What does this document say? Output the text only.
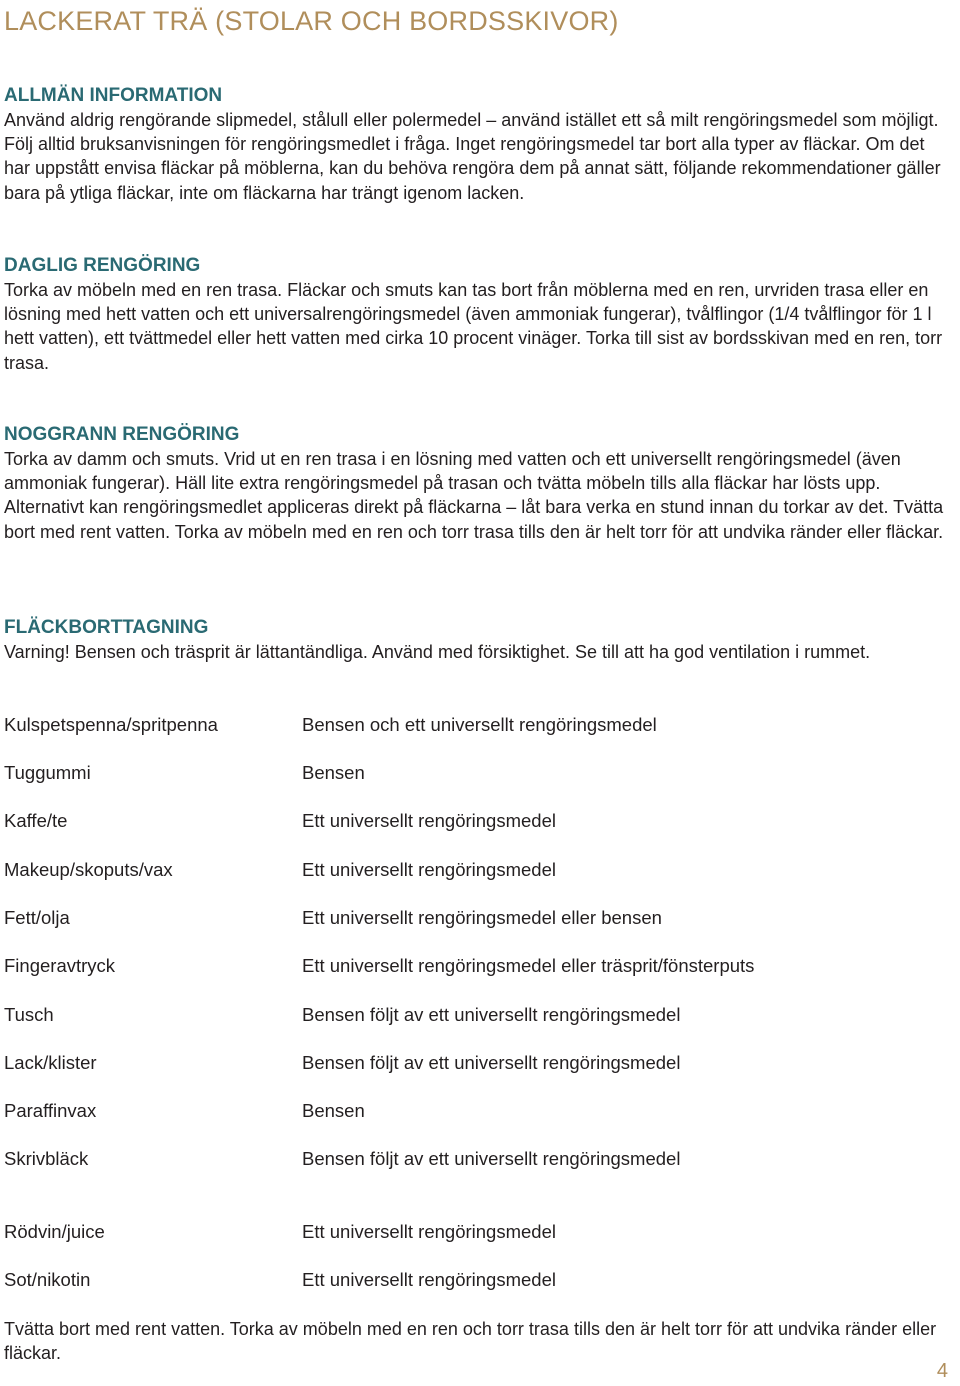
LACKERAT TRÄ (STOLAR OCH BORDSSKIVOR)
ALLMÄN INFORMATION

Använd aldrig rengörande slipmedel, stålull eller polermedel – använd istället ett så milt rengöringsmedel som möjligt. Följ alltid bruksanvisningen för rengöringsmedlet i fråga. Inget rengöringsmedel tar bort alla typer av fläckar. Om det har uppstått envisa fläckar på möblerna, kan du behöva rengöra dem på annat sätt, följande rekommendationer gäller bara på ytliga fläckar, inte om fläckarna har trängt igenom lacken.

DAGLIG RENGÖRING

Torka av möbeln med en ren trasa. Fläckar och smuts kan tas bort från möblerna med en ren, urvriden trasa eller en lösning med hett vatten och ett universalrengöringsmedel (även ammoniak fungerar), tvålflingor (1/4 tvålflingor för 1 l hett vatten), ett tvättmedel eller hett vatten med cirka 10 procent vinäger. Torka till sist av bordsskivan med en ren, torr trasa.

NOGGRANN RENGÖRING

Torka av damm och smuts. Vrid ut en ren trasa i en lösning med vatten och ett universellt rengöringsmedel (även ammoniak fungerar). Häll lite extra rengöringsmedel på trasan och tvätta möbeln tills alla fläckar har lösts upp. Alternativt kan rengöringsmedlet appliceras direkt på fläckarna – låt bara verka en stund innan du torkar av det. Tvätta bort med rent vatten. Torka av möbeln med en ren och torr trasa tills den är helt torr för att undvika ränder eller fläckar.

FLÄCKBORTTAGNING

Varning! Bensen och träsprit är lättantändliga. Använd med försiktighet. Se till att ha god ventilation i rummet.

Kulspetspenna/spritpenna	Bensen och ett universellt rengöringsmedel
Tuggummi	Bensen
Kaffe/te	Ett universellt rengöringsmedel
Makeup/skoputs/vax	Ett universellt rengöringsmedel
Fett/olja	Ett universellt rengöringsmedel eller bensen
Fingeravtryck	Ett universellt rengöringsmedel eller träsprit/fönsterputs
Tusch	Bensen följt av ett universellt rengöringsmedel
Lack/klister	Bensen följt av ett universellt rengöringsmedel
Paraffinvax	Bensen
Skrivbläck	Bensen följt av ett universellt rengöringsmedel
Rödvin/juice	Ett universellt rengöringsmedel
Sot/nikotin	Ett universellt rengöringsmedel

Tvätta bort med rent vatten. Torka av möbeln med en ren och torr trasa tills den är helt torr för att undvika ränder eller fläckar.

4
